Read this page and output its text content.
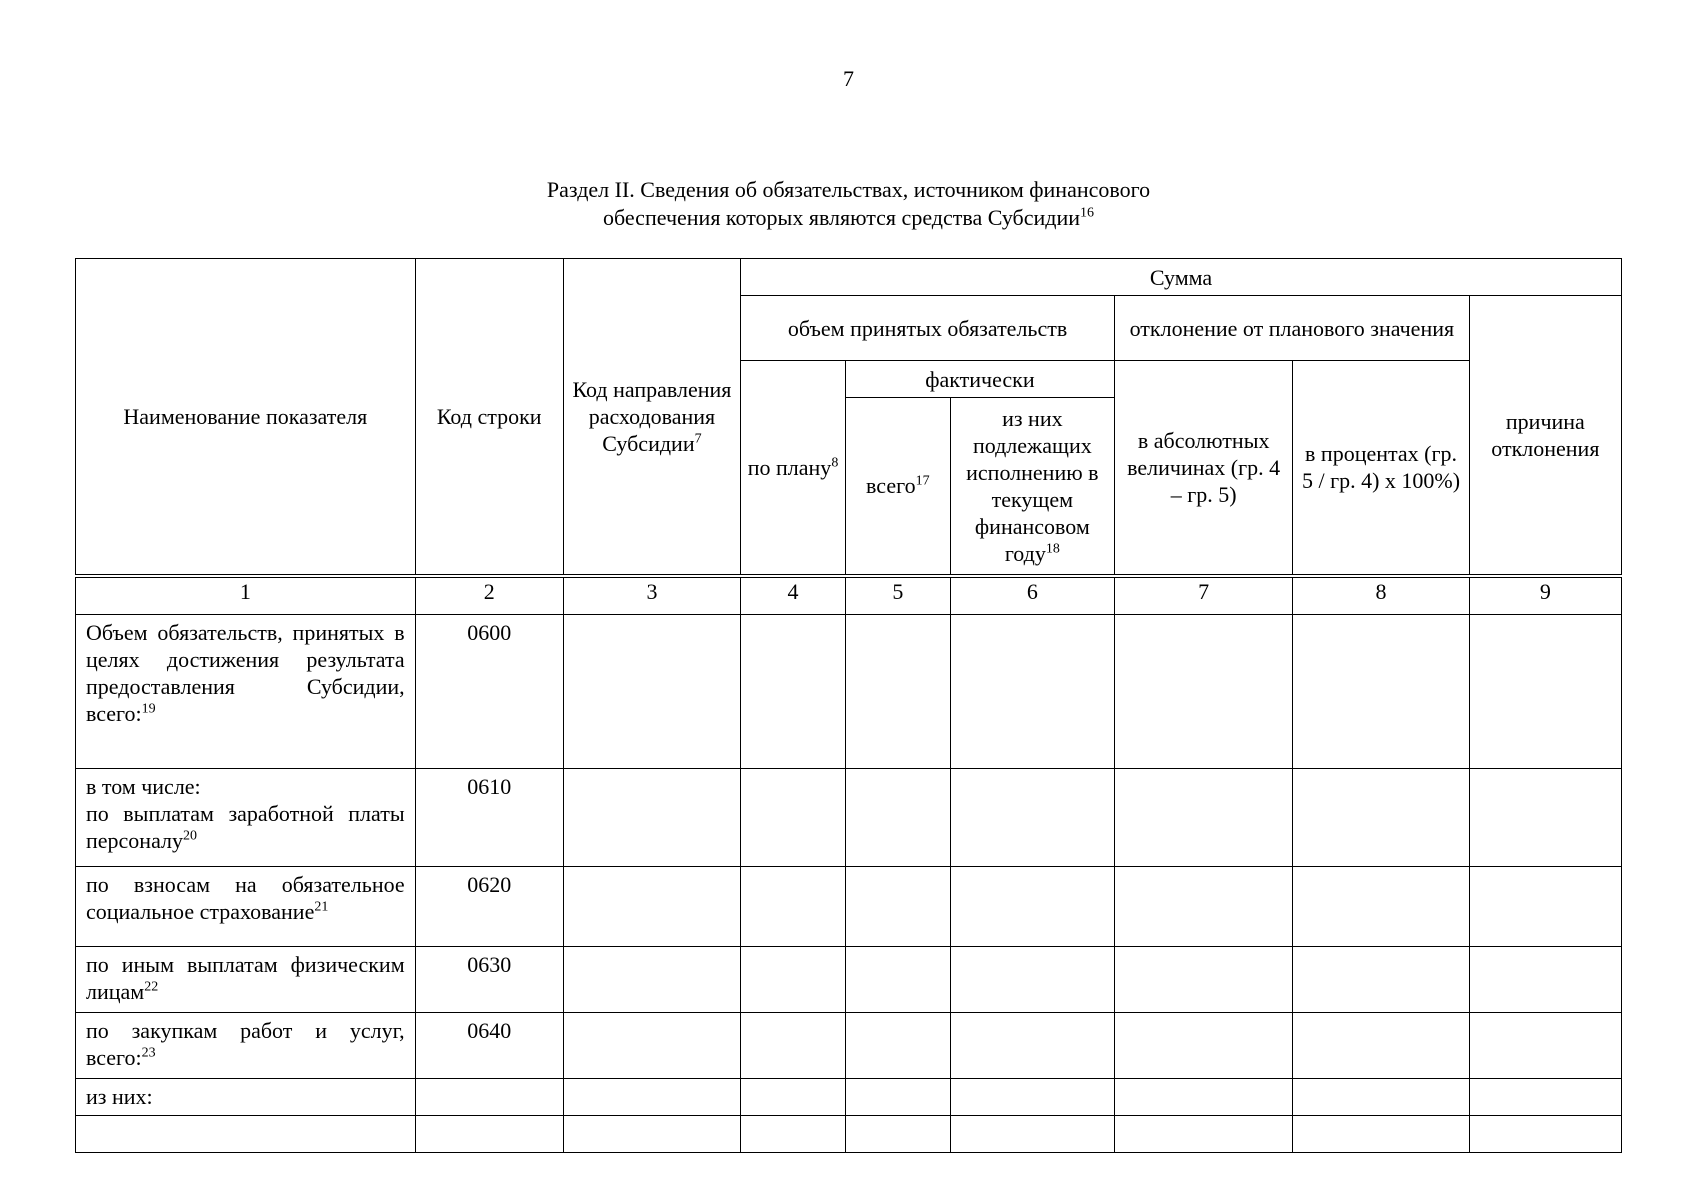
7
Раздел II. Сведения об обязательствах, источником финансового
обеспечения которых являются средства Субсидии$^{16}$
Наименование показателя	Код строки	Код направления расходования Субсидии$^7$	Сумма					
			объем принятых обязательств			отклонение от планового значения		причина отклонения
			по плану$^8$	фактически		в абсолютных величинах (гр. 4 – гр. 5)	в процентах (гр. 5 / гр. 4) x 100%)	
				всего$^{17}$	из них подлежащих исполнению в текущем финансовом году$^{18}$
1	2	3	4	5	6	7	8	9
Объем обязательств, принятых в целях достижения результата предоставления Субсидии, всего:$^{19}$	0600							

в том числе:
по выплатам заработной платы персоналу$^{20}$	0610							
по взносам на обязательное социальное страхование$^{21}$	0620							
по иным выплатам физическим лицам$^{22}$	0630							
по закупкам работ и услуг, всего:$^{23}$	0640							
из них:								
